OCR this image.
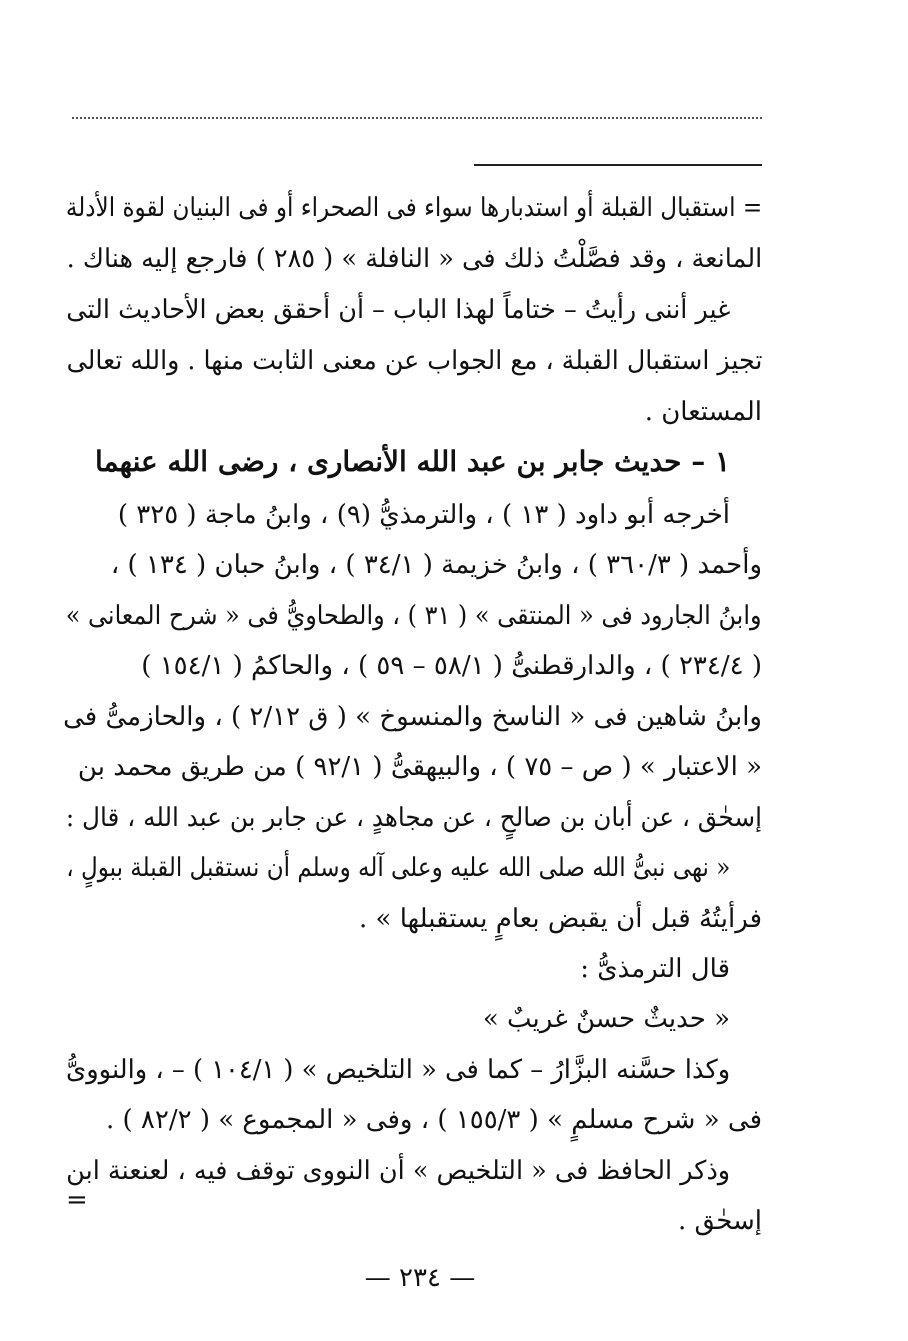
= استقبال القبلة أو استدبارها سواء فى الصحراء أو فى البنيان لقوة الأدلة
المانعة ، وقد فصَّلْتُ ذلك فى « النافلة » ( ٢٨٥ ) فارجع إليه هناك .
غير أننى رأيتُ – ختاماً لهذا الباب – أن أحقق بعض الأحاديث التى
تجيز استقبال القبلة ، مع الجواب عن معنى الثابت منها . والله تعالى
المستعان .
١ – حديث جابر بن عبد الله الأنصارى ، رضى الله عنهما
أخرجه أبو داود ( ١٣ ) ، والترمذيُّ (٩) ، وابنُ ماجة ( ٣٢٥ )
وأحمد ( ٣٦٠/٣ ) ، وابنُ خزيمة ( ٣٤/١ ) ، وابنُ حبان ( ١٣٤ ) ،
وابنُ الجارود فى « المنتقى » ( ٣١ ) ، والطحاويُّ فى « شرح المعانى »
( ٢٣٤/٤ ) ، والدارقطنىُّ ( ٥٨/١ – ٥٩ ) ، والحاكمُ ( ١٥٤/١ )
وابنُ شاهين فى « الناسخ والمنسوخ » ( ق ٢/١٢ ) ، والحازمىُّ فى
« الاعتبار » ( ص – ٧٥ ) ، والبيهقىُّ ( ٩٢/١ ) من طريق محمد بن
إسحٰق ، عن أبان بن صالحٍ ، عن مجاهدٍ ، عن جابر بن عبد الله ، قال :
« نهى نبىُّ الله صلى الله عليه وعلى آله وسلم أن نستقبل القبلة ببولٍ ،
فرأيتُهُ قبل أن يقبض بعامٍ يستقبلها » .
قال الترمذىُّ :
« حديثٌ حسنٌ غريبٌ »
وكذا حسَّنه البزَّارُ – كما فى « التلخيص » ( ١٠٤/١ ) – ، والنووىُّ
فى « شرح مسلمٍ » ( ١٥٥/٣ ) ، وفى « المجموع » ( ٨٢/٢ ) .
وذكر الحافظ فى « التلخيص » أن النووى توقف فيه ، لعنعنة ابن
إسحٰق .
=
— ٢٣٤ —
